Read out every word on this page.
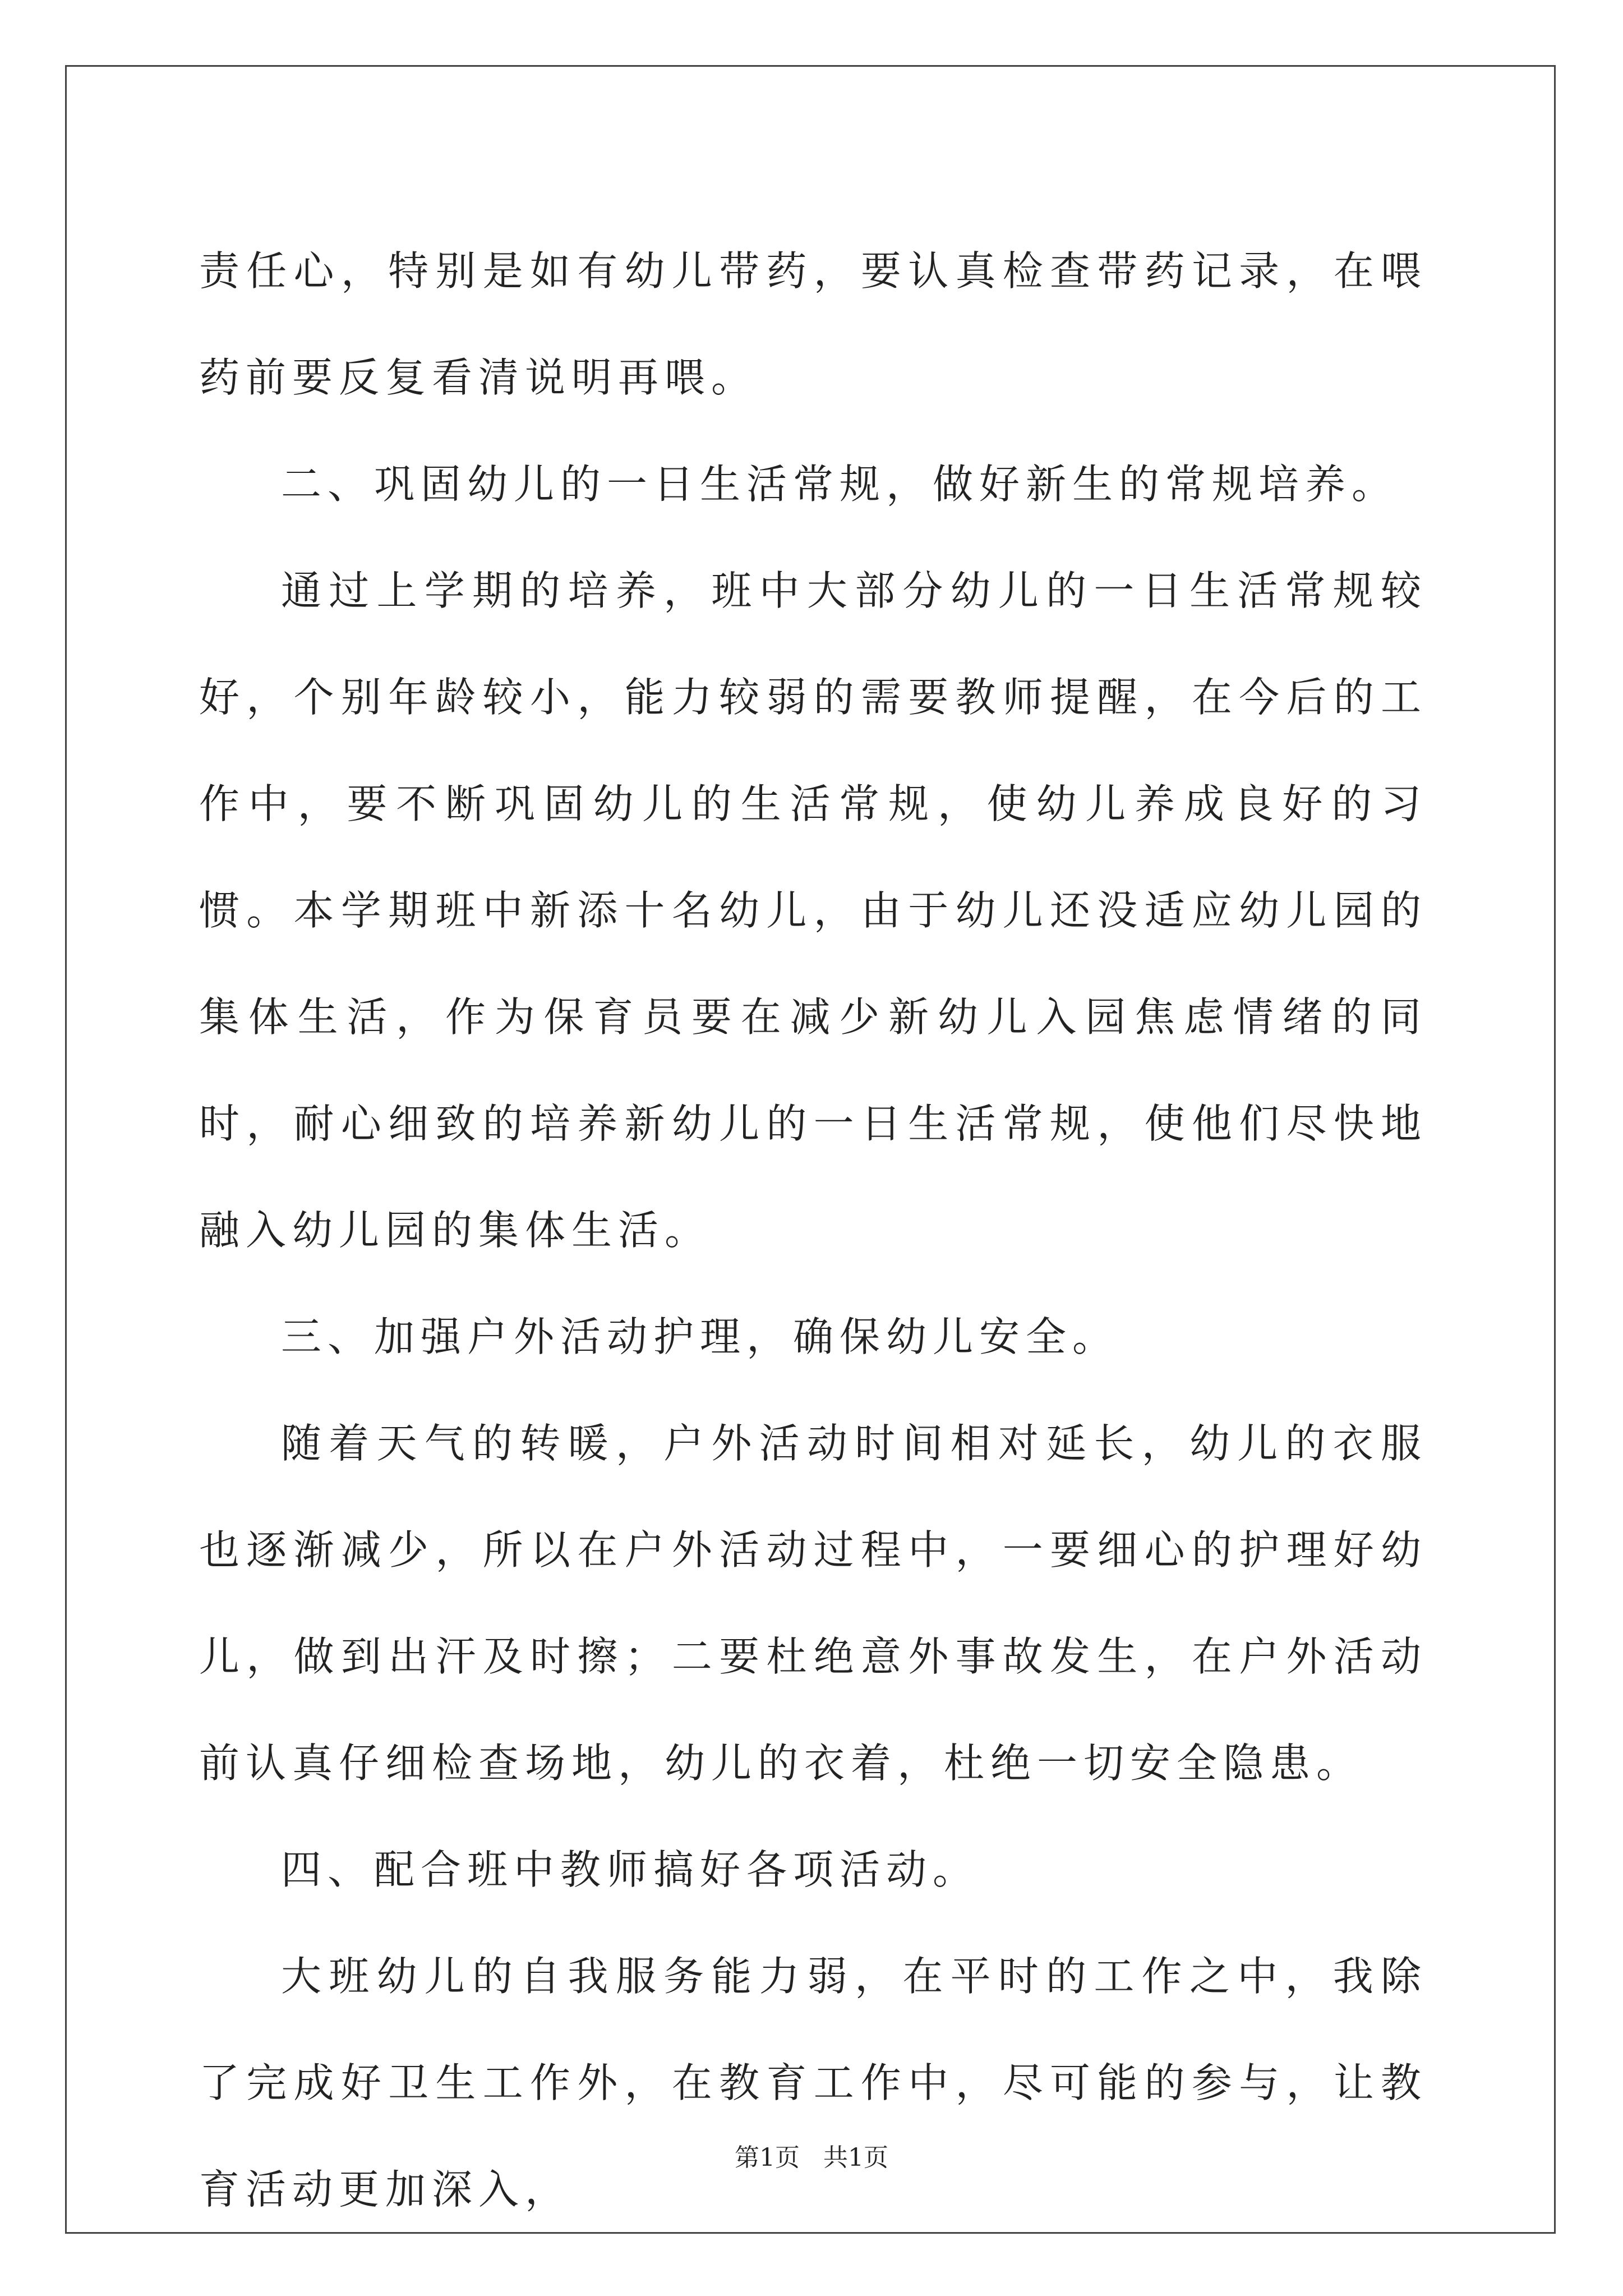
责任心，特别是如有幼儿带药，要认真检查带药记录，在喂药前要反复看清说明再喂。

二、巩固幼儿的一日生活常规，做好新生的常规培养。

通过上学期的培养，班中大部分幼儿的一日生活常规较好，个别年龄较小，能力较弱的需要教师提醒，在今后的工作中，要不断巩固幼儿的生活常规，使幼儿养成良好的习惯。本学期班中新添十名幼儿，由于幼儿还没适应幼儿园的集体生活，作为保育员要在减少新幼儿入园焦虑情绪的同时，耐心细致的培养新幼儿的一日生活常规，使他们尽快地融入幼儿园的集体生活。

三、加强户外活动护理，确保幼儿安全。

随着天气的转暖，户外活动时间相对延长，幼儿的衣服也逐渐减少，所以在户外活动过程中，一要细心的护理好幼儿，做到出汗及时擦；二要杜绝意外事故发生，在户外活动前认真仔细检查场地，幼儿的衣着，杜绝一切安全隐患。

四、配合班中教师搞好各项活动。

大班幼儿的自我服务能力弱，在平时的工作之中，我除了完成好卫生工作外，在教育工作中，尽可能的参与，让教育活动更加深入，

第1页   共1页
